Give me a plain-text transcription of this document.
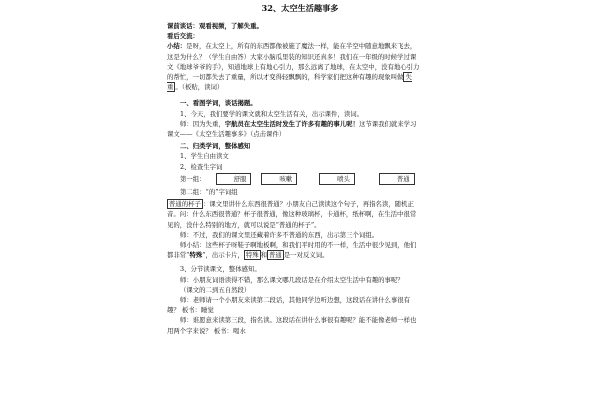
32、太空生活趣事多

课前谈话：观看视频，了解失重。

看后交流：

小结：是呀，在太空上，所有的东西都像被施了魔法一样，能在半空中随意地飘来飞去，这是为什么？（学生自由答）大家小脑瓜里装的知识还真多！我们在一年级的时候学过课文《地球爷爷的手》，知道地球上有地心引力，那么远离了地球，在太空中，没有地心引力的帮忙，一切都失去了重量，所以才变得轻飘飘的，科学家们把这种有趣的现象叫做 失重 。（板贴，读词）

一、看图学词，谈话揭题。

1、今天，我们要学的课文就和太空生活有关，出示课件，读词。

师：因为失重，宇航员在太空生活时发生了许多有趣的事儿呢！这节课我们就来学习课文——《太空生活趣事多》（点击课件）

二、归类学词，整体感知

1、学生自由读文

2、检查生字词

第一组：	舒服	咳嗽	喷头	普通

第二组：“的”字词组

普通的杯子 ：课文里讲什么东西很普通？小朋友自己读读这个句子，再指名读，随机正音。问：什么东西很普通？杯子很普通，像这种玻璃杯，卡通杯，纸杯啊，在生活中很常见的，没什么特别的地方，就可以说是“普通的杯子”。

师：不过，我们的课文里还藏着许多不普通的东西，出示第三个词组。

师小结：这些杯子呀鞋子啊地板啊，和我们平时用的不一样，生活中很少见到，他们都非常“特殊”，出示卡片， 特殊 和 普通 是一对反义词。

3、分节读课文，整体感知。

师：小朋友词语读得不错，那么课文哪几段话是在介绍太空生活中有趣的事呢？

（课文的二到五自然段）

师：老师请一个小朋友来读第二段话，其他同学边听边想，这段话在讲什么事很有趣？ 板书：睡觉

师：谁愿意来读第三段，指名读。这段话在讲什么事很有趣呢？能不能像老师一样也用两个字来说？ 板书：喝水
